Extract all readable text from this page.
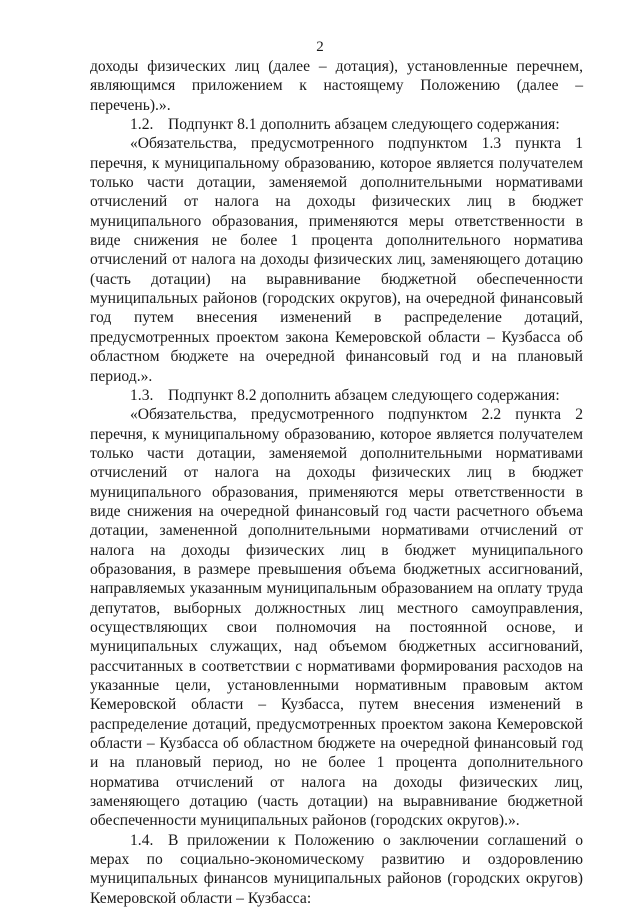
2

доходы физических лиц (далее – дотация), установленные перечнем, являющимся приложением к настоящему Положению (далее – перечень).».

1.2. Подпункт 8.1 дополнить абзацем следующего содержания:

«Обязательства, предусмотренного подпунктом 1.3 пункта 1 перечня, к муниципальному образованию, которое является получателем только части дотации, заменяемой дополнительными нормативами отчислений от налога на доходы физических лиц в бюджет муниципального образования, применяются меры ответственности в виде снижения не более 1 процента дополнительного норматива отчислений от налога на доходы физических лиц, заменяющего дотацию (часть дотации) на выравнивание бюджетной обеспеченности муниципальных районов (городских округов), на очередной финансовый год путем внесения изменений в распределение дотаций, предусмотренных проектом закона Кемеровской области – Кузбасса об областном бюджете на очередной финансовый год и на плановый период.».

1.3. Подпункт 8.2 дополнить абзацем следующего содержания:

«Обязательства, предусмотренного подпунктом 2.2 пункта 2 перечня, к муниципальному образованию, которое является получателем только части дотации, заменяемой дополнительными нормативами отчислений от налога на доходы физических лиц в бюджет муниципального образования, применяются меры ответственности в виде снижения на очередной финансовый год части расчетного объема дотации, замененной дополнительными нормативами отчислений от налога на доходы физических лиц в бюджет муниципального образования, в размере превышения объема бюджетных ассигнований, направляемых указанным муниципальным образованием на оплату труда депутатов, выборных должностных лиц местного самоуправления, осуществляющих свои полномочия на постоянной основе, и муниципальных служащих, над объемом бюджетных ассигнований, рассчитанных в соответствии с нормативами формирования расходов на указанные цели, установленными нормативным правовым актом Кемеровской области – Кузбасса, путем внесения изменений в распределение дотаций, предусмотренных проектом закона Кемеровской области – Кузбасса об областном бюджете на очередной финансовый год и на плановый период, но не более 1 процента дополнительного норматива отчислений от налога на доходы физических лиц, заменяющего дотацию (часть дотации) на выравнивание бюджетной обеспеченности муниципальных районов (городских округов).».

1.4. В приложении к Положению о заключении соглашений о мерах по социально-экономическому развитию и оздоровлению муниципальных финансов муниципальных районов (городских округов) Кемеровской области – Кузбасса:
